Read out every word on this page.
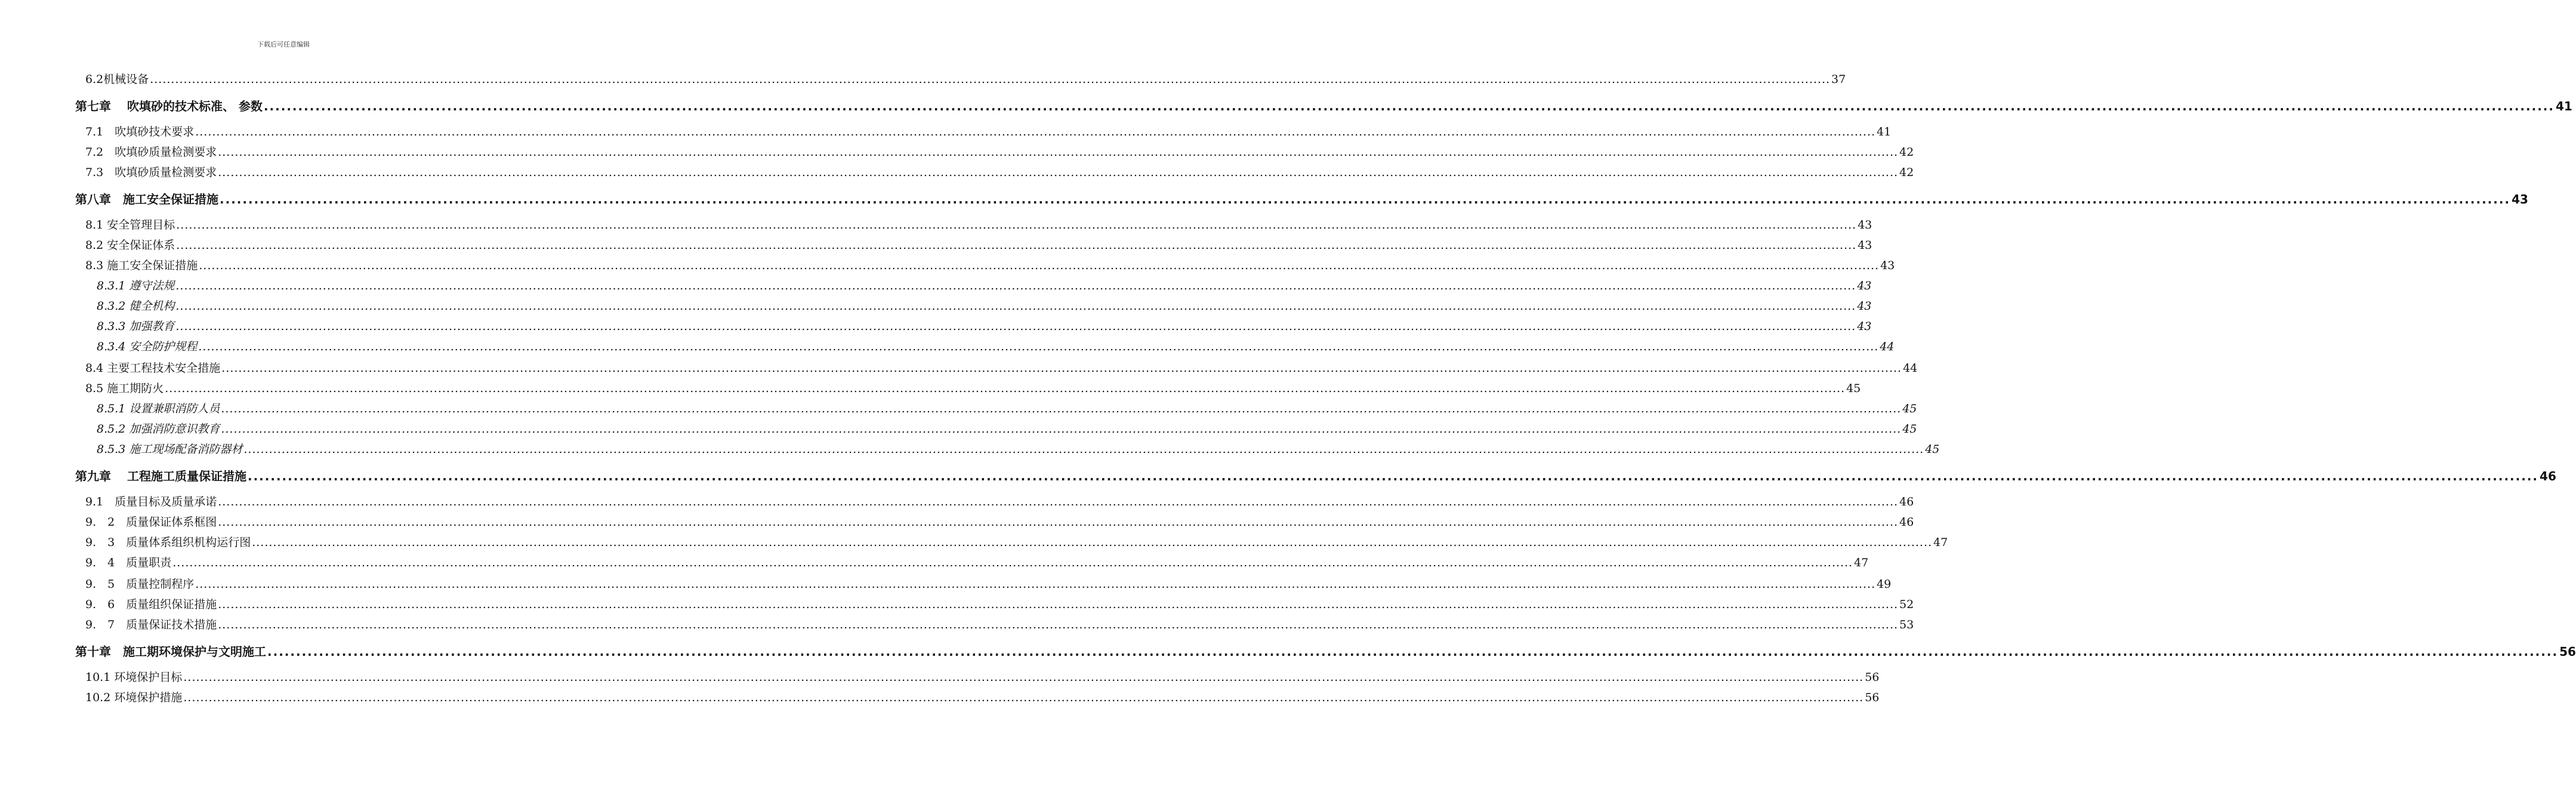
下载后可任意编辑
6.2机械设备 ................................................................................................................................................................................................................................................................................................................................................................................................................ 37
第七章　 吹填砂的技术标准、 参数 ................................................................................................................................................................................................................................................................................................................................................................................................................ 41
7.1　吹填砂技术要求 ................................................................................................................................................................................................................................................................................................................................................................................................................ 41
7.2　吹填砂质量检测要求 ................................................................................................................................................................................................................................................................................................................................................................................................................ 42
7.3　吹填砂质量检测要求 ................................................................................................................................................................................................................................................................................................................................................................................................................ 42
第八章　施工安全保证措施 ................................................................................................................................................................................................................................................................................................................................................................................................................ 43
8.1 安全管理目标 ................................................................................................................................................................................................................................................................................................................................................................................................................ 43
8.2 安全保证体系 ................................................................................................................................................................................................................................................................................................................................................................................................................ 43
8.3 施工安全保证措施 ................................................................................................................................................................................................................................................................................................................................................................................................................ 43
8.3.1 遵守法规 ................................................................................................................................................................................................................................................................................................................................................................................................................ 43
8.3.2 健全机构 ................................................................................................................................................................................................................................................................................................................................................................................................................ 43
8.3.3 加强教育 ................................................................................................................................................................................................................................................................................................................................................................................................................ 43
8.3.4 安全防护规程 ................................................................................................................................................................................................................................................................................................................................................................................................................ 44
8.4 主要工程技术安全措施 ................................................................................................................................................................................................................................................................................................................................................................................................................ 44
8.5 施工期防火 ................................................................................................................................................................................................................................................................................................................................................................................................................ 45
8.5.1 设置兼职消防人员 ................................................................................................................................................................................................................................................................................................................................................................................................................ 45
8.5.2 加强消防意识教育 ................................................................................................................................................................................................................................................................................................................................................................................................................ 45
8.5.3 施工现场配备消防器材 ................................................................................................................................................................................................................................................................................................................................................................................................................ 45
第九章　 工程施工质量保证措施 ................................................................................................................................................................................................................................................................................................................................................................................................................ 46
9.1　质量目标及质量承诺 ................................................................................................................................................................................................................................................................................................................................................................................................................ 46
9.　2　质量保证体系框图 ................................................................................................................................................................................................................................................................................................................................................................................................................ 46
9.　3　质量体系组织机构运行图 ................................................................................................................................................................................................................................................................................................................................................................................................................ 47
9.　4　质量职责 ................................................................................................................................................................................................................................................................................................................................................................................................................ 47
9.　5　质量控制程序 ................................................................................................................................................................................................................................................................................................................................................................................................................ 49
9.　6　质量组织保证措施 ................................................................................................................................................................................................................................................................................................................................................................................................................ 52
9.　7　质量保证技术措施 ................................................................................................................................................................................................................................................................................................................................................................................................................ 53
第十章　施工期环境保护与文明施工 ................................................................................................................................................................................................................................................................................................................................................................................................................ 56
10.1 环境保护目标 ................................................................................................................................................................................................................................................................................................................................................................................................................ 56
10.2 环境保护措施 ................................................................................................................................................................................................................................................................................................................................................................................................................ 56
